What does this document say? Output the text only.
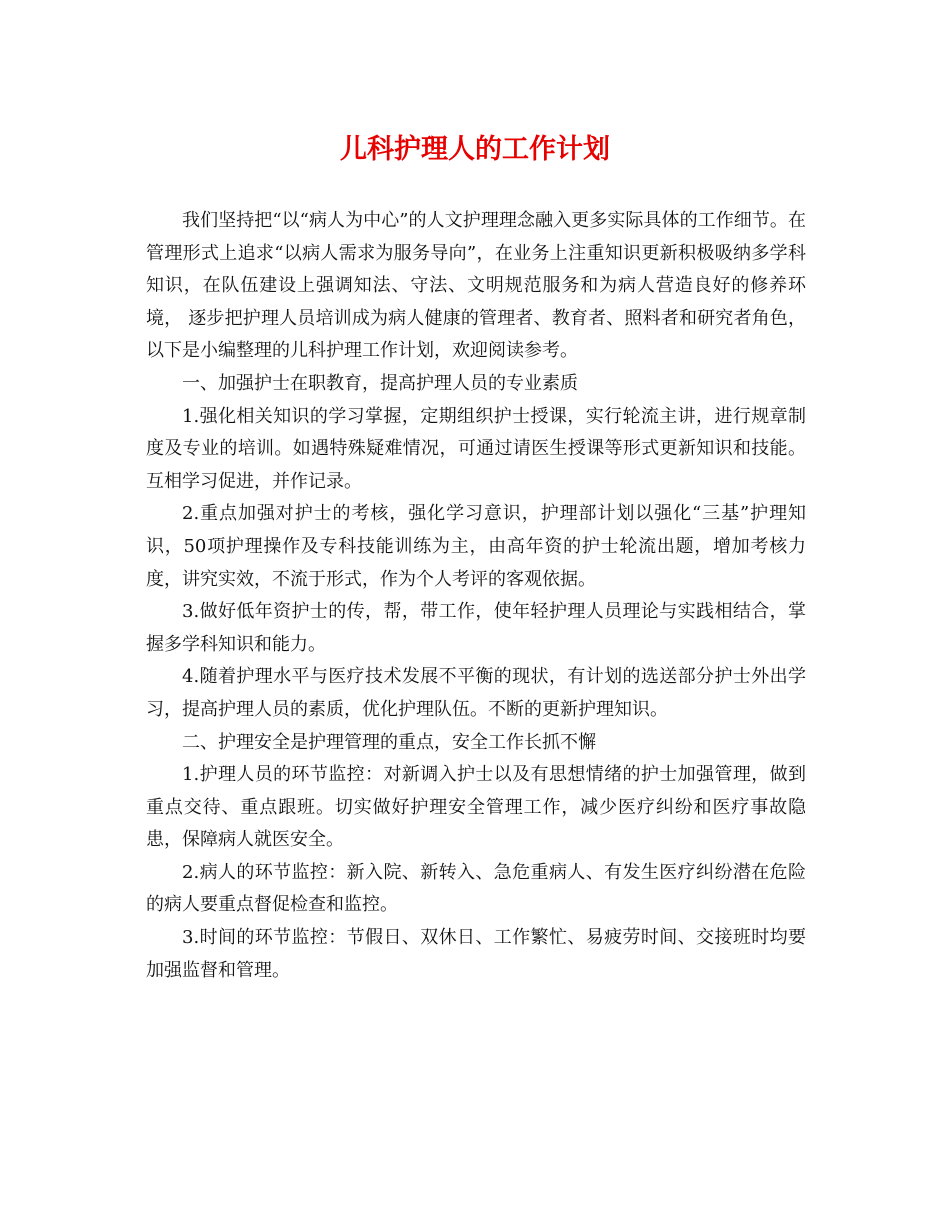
儿科护理人的工作计划

我们坚持把“以“病人为中心”的人文护理理念融入更多实际具体的工作细节。在管理形式上追求“以病人需求为服务导向”，在业务上注重知识更新积极吸纳多学科知识，在队伍建设上强调知法、守法、文明规范服务和为病人营造良好的修养环境， 逐步把护理人员培训成为病人健康的管理者、教育者、照料者和研究者角色，以下是小编整理的儿科护理工作计划，欢迎阅读参考。

一、加强护士在职教育，提高护理人员的专业素质

1.强化相关知识的学习掌握，定期组织护士授课，实行轮流主讲，进行规章制度及专业的培训。如遇特殊疑难情况，可通过请医生授课等形式更新知识和技能。互相学习促进，并作记录。

2.重点加强对护士的考核，强化学习意识，护理部计划以强化“三基”护理知识，50项护理操作及专科技能训练为主，由高年资的护士轮流出题，增加考核力度，讲究实效，不流于形式，作为个人考评的客观依据。

3.做好低年资护士的传，帮，带工作，使年轻护理人员理论与实践相结合，掌握多学科知识和能力。

4.随着护理水平与医疗技术发展不平衡的现状，有计划的选送部分护士外出学习，提高护理人员的素质，优化护理队伍。不断的更新护理知识。

二、护理安全是护理管理的重点，安全工作长抓不懈

1.护理人员的环节监控：对新调入护士以及有思想情绪的护士加强管理，做到重点交待、重点跟班。切实做好护理安全管理工作，减少医疗纠纷和医疗事故隐患，保障病人就医安全。

2.病人的环节监控：新入院、新转入、急危重病人、有发生医疗纠纷潜在危险的病人要重点督促检查和监控。

3.时间的环节监控：节假日、双休日、工作繁忙、易疲劳时间、交接班时均要加强监督和管理。
